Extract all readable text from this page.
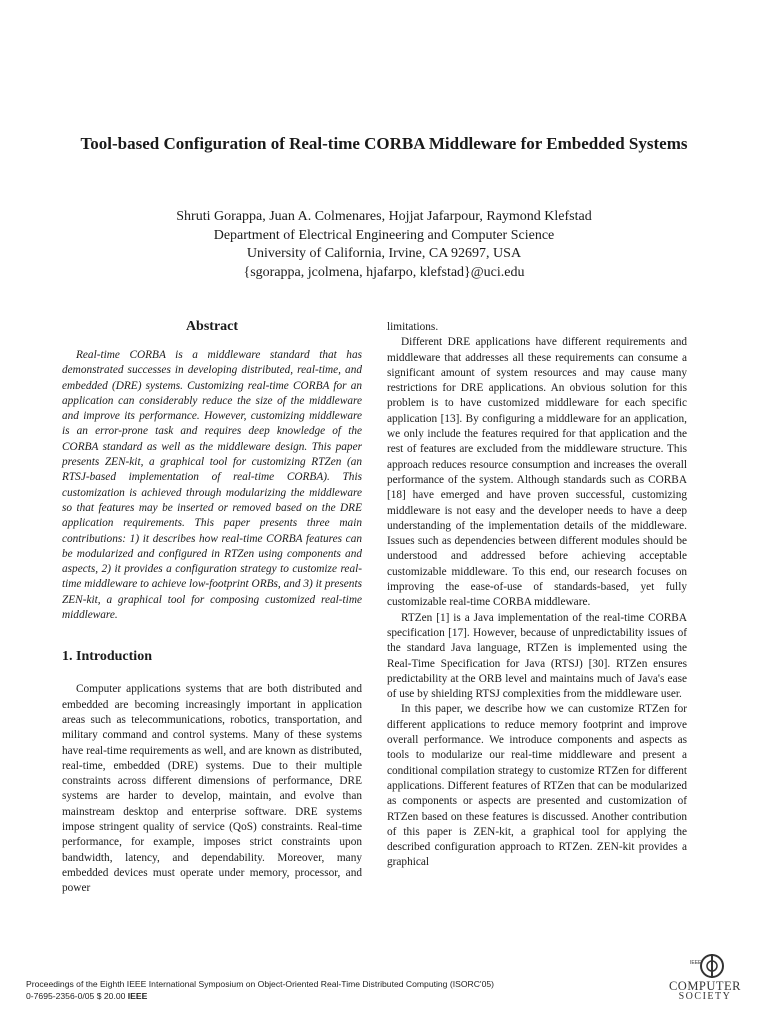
Tool-based Configuration of Real-time CORBA Middleware for Embedded Systems
Shruti Gorappa, Juan A. Colmenares, Hojjat Jafarpour, Raymond Klefstad
Department of Electrical Engineering and Computer Science
University of California, Irvine, CA 92697, USA
{sgorappa, jcolmena, hjafarpo, klefstad}@uci.edu
Abstract

Real-time CORBA is a middleware standard that has demonstrated successes in developing distributed, real-time, and embedded (DRE) systems. Customizing real-time CORBA for an application can considerably reduce the size of the middleware and improve its performance. However, customizing middleware is an error-prone task and requires deep knowledge of the CORBA standard as well as the middleware design. This paper presents ZEN-kit, a graphical tool for customizing RTZen (an RTSJ-based implementation of real-time CORBA). This customization is achieved through modularizing the middleware so that features may be inserted or removed based on the DRE application requirements. This paper presents three main contributions: 1) it describes how real-time CORBA features can be modularized and configured in RTZen using components and aspects, 2) it provides a configuration strategy to customize real-time middleware to achieve low-footprint ORBs, and 3) it presents ZEN-kit, a graphical tool for composing customized real-time middleware.

1. Introduction

Computer applications systems that are both distributed and embedded are becoming increasingly important in application areas such as telecommunications, robotics, transportation, and military command and control systems. Many of these systems have real-time requirements as well, and are known as distributed, real-time, embedded (DRE) systems. Due to their multiple constraints across different dimensions of performance, DRE systems are harder to develop, maintain, and evolve than mainstream desktop and enterprise software. DRE systems impose stringent quality of service (QoS) constraints. Real-time performance, for example, imposes strict constraints upon bandwidth, latency, and dependability. Moreover, many embedded devices must operate under memory, processor, and power

limitations.

Different DRE applications have different requirements and middleware that addresses all these requirements can consume a significant amount of system resources and may cause many restrictions for DRE applications. An obvious solution for this problem is to have customized middleware for each specific application [13]. By configuring a middleware for an application, we only include the features required for that application and the rest of features are excluded from the middleware structure. This approach reduces resource consumption and increases the overall performance of the system. Although standards such as CORBA [18] have emerged and have proven successful, customizing middleware is not easy and the developer needs to have a deep understanding of the implementation details of the middleware. Issues such as dependencies between different modules should be understood and addressed before achieving acceptable customizable middleware. To this end, our research focuses on improving the ease-of-use of standards-based, yet fully customizable real-time CORBA middleware.

RTZen [1] is a Java implementation of the real-time CORBA specification [17]. However, because of unpredictability issues of the standard Java language, RTZen is implemented using the Real-Time Specification for Java (RTSJ) [30]. RTZen ensures predictability at the ORB level and maintains much of Java's ease of use by shielding RTSJ complexities from the middleware user.

In this paper, we describe how we can customize RTZen for different applications to reduce memory footprint and improve overall performance. We introduce components and aspects as tools to modularize our real-time middleware and present a conditional compilation strategy to customize RTZen for different applications. Different features of RTZen that can be modularized as components or aspects are presented and customization of RTZen based on these features is discussed. Another contribution of this paper is ZEN-kit, a graphical tool for applying the described configuration approach to RTZen. ZEN-kit provides a graphical

Proceedings of the Eighth IEEE International Symposium on Object-Oriented Real-Time Distributed Computing (ISORC'05)
0-7695-2356-0/05 $ 20.00 IEEE
IEEE
COMPUTER
SOCIETY
